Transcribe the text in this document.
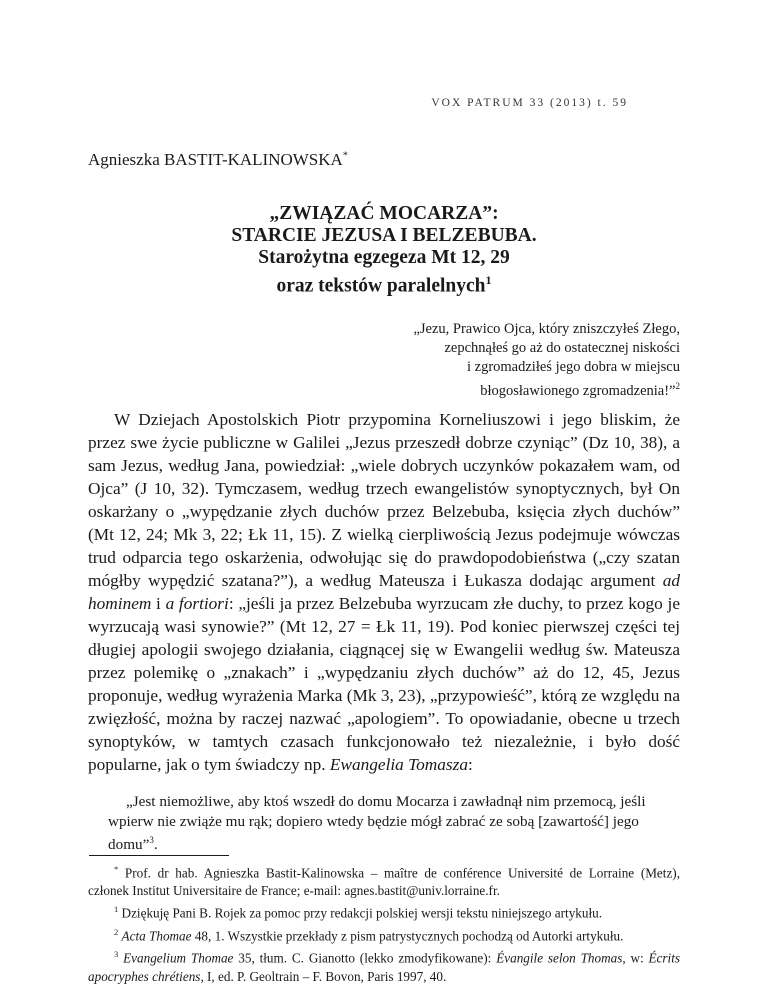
VOX PATRUM 33 (2013) t. 59
Agnieszka BASTIT-KALINOWSKA*
„ZWIĄZAĆ MOCARZA”:
STARCIE JEZUSA I BELZEBUBA.
Starożytna egzegeza Mt 12, 29
oraz tekstów paralelnych$^1$
„Jezu, Prawico Ojca, który zniszczyłeś Złego,
zepchnąłeś go aż do ostatecznej niskości
i zgromadziłeś jego dobra w miejscu
błogosławionego zgromadzenia!”$^2$

W Dziejach Apostolskich Piotr przypomina Korneliuszowi i jego bliskim, że przez swe życie publiczne w Galilei „Jezus przeszedł dobrze czyniąc” (Dz 10, 38), a sam Jezus, według Jana, powiedział: „wiele dobrych uczynków pokazałem wam, od Ojca” (J 10, 32). Tymczasem, według trzech ewangelistów synoptycznych, był On oskarżany o „wypędzanie złych duchów przez Belzebuba, księcia złych duchów” (Mt 12, 24; Mk 3, 22; Łk 11, 15). Z wielką cierpliwością Jezus podejmuje wówczas trud odparcia tego oskarżenia, odwołując się do prawdopodobieństwa („czy szatan mógłby wypędzić szatana?”), a według Mateusza i Łukasza dodając argument ad hominem i a fortiori: „jeśli ja przez Belzebuba wyrzucam złe duchy, to przez kogo je wyrzucają wasi synowie?” (Mt 12, 27 = Łk 11, 19). Pod koniec pierwszej części tej długiej apologii swojego działania, ciągnącej się w Ewangelii według św. Mateusza przez polemikę o „znakach” i „wypędzaniu złych duchów” aż do 12, 45, Jezus proponuje, według wyrażenia Marka (Mk 3, 23), „przypowieść”, którą ze względu na zwięzłość, można by raczej nazwać „apologiem”. To opowiadanie, obecne u trzech synoptyków, w tamtych czasach funkcjonowało też niezależnie, i było dość popularne, jak o tym świadczy np. Ewangelia Tomasza:

„Jest niemożliwe, aby ktoś wszedł do domu Mocarza i zawładnął nim przemocą, jeśli wpierw nie zwiąże mu rąk; dopiero wtedy będzie mógł zabrać ze sobą [zawartość] jego domu”$^3$.

* Prof. dr hab. Agnieszka Bastit-Kalinowska – maître de conférence Université de Lorraine (Metz), członek Institut Universitaire de France; e-mail: agnes.bastit@univ.lorraine.fr.

$^1$ Dziękuję Pani B. Rojek za pomoc przy redakcji polskiej wersji tekstu niniejszego artykułu.

$^2$ Acta Thomae 48, 1. Wszystkie przekłady z pism patrystycznych pochodzą od Autorki artykułu.

$^3$ Evangelium Thomae 35, tłum. C. Gianotto (lekko zmodyfikowane): Évangile selon Thomas, w: Écrits apocryphes chrétiens, I, ed. P. Geoltrain – F. Bovon, Paris 1997, 40.
